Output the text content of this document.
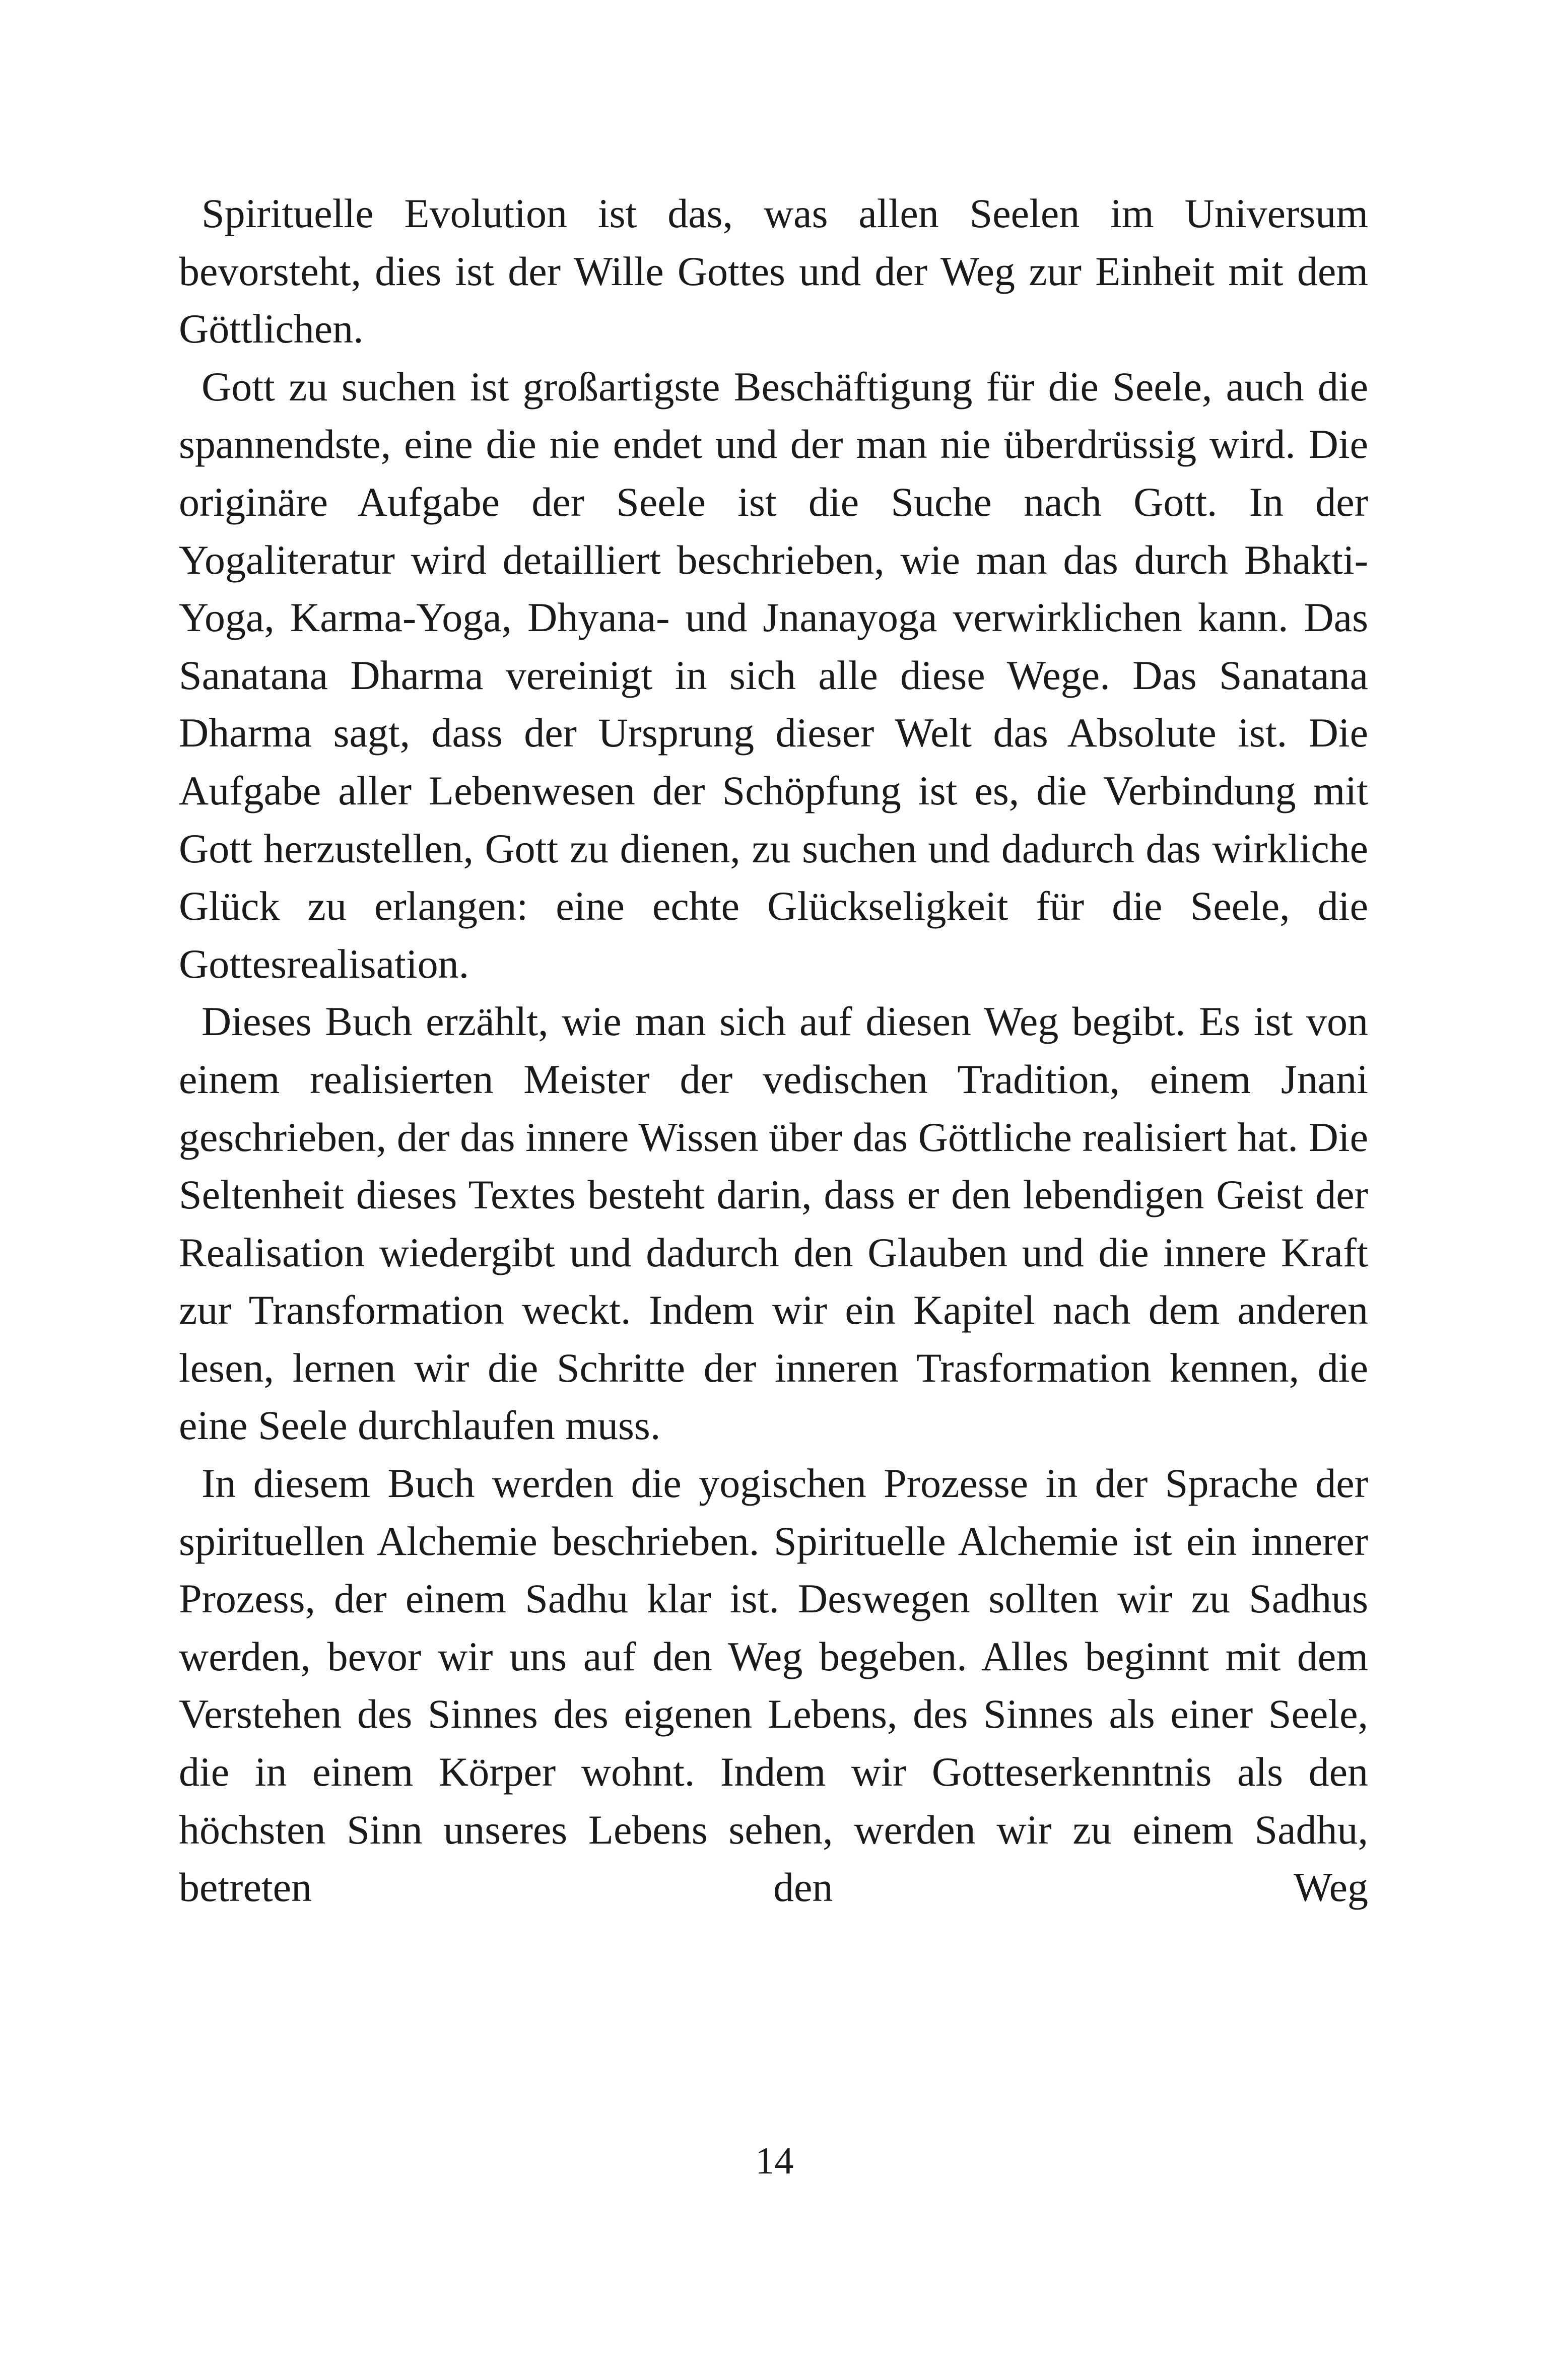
Spirituelle Evolution ist das, was allen Seelen im Universum bevorsteht, dies ist der Wille Gottes und der Weg zur Einheit mit dem Göttlichen.

Gott zu suchen ist großartigste Beschäftigung für die Seele, auch die spannendste, eine die nie endet und der man nie überdrüssig wird. Die originäre Aufgabe der Seele ist die Suche nach Gott. In der Yogaliteratur wird detailliert beschrieben, wie man das durch Bhakti-Yoga, Karma-Yoga, Dhyana- und Jnanayoga verwirklichen kann. Das Sanatana Dharma vereinigt in sich alle diese Wege. Das Sanatana Dharma sagt, dass der Ursprung dieser Welt das Absolute ist. Die Aufgabe aller Lebenwesen der Schöpfung ist es, die Verbindung mit Gott herzustellen, Gott zu dienen, zu suchen und dadurch das wirkliche Glück zu erlangen: eine echte Glückseligkeit für die Seele, die Gottesrealisation.

Dieses Buch erzählt, wie man sich auf diesen Weg begibt. Es ist von einem realisierten Meister der vedischen Tradition, einem Jnani geschrieben, der das innere Wissen über das Göttliche realisiert hat. Die Seltenheit dieses Textes besteht darin, dass er den lebendigen Geist der Realisation wiedergibt und dadurch den Glauben und die innere Kraft zur Transformation weckt. Indem wir ein Kapitel nach dem anderen lesen, lernen wir die Schritte der inneren Trasformation kennen, die eine Seele durchlaufen muss.

In diesem Buch werden die yogischen Prozesse in der Sprache der spirituellen Alchemie beschrieben. Spirituelle Alchemie ist ein innerer Prozess, der einem Sadhu klar ist. Deswegen sollten wir zu Sadhus werden, bevor wir uns auf den Weg begeben. Alles beginnt mit dem Verstehen des Sinnes des eigenen Lebens, des Sinnes als einer Seele, die in einem Körper wohnt. Indem wir Gotteserkenntnis als den höchsten Sinn unseres Lebens sehen, werden wir zu einem Sadhu, betreten den Weg

14
